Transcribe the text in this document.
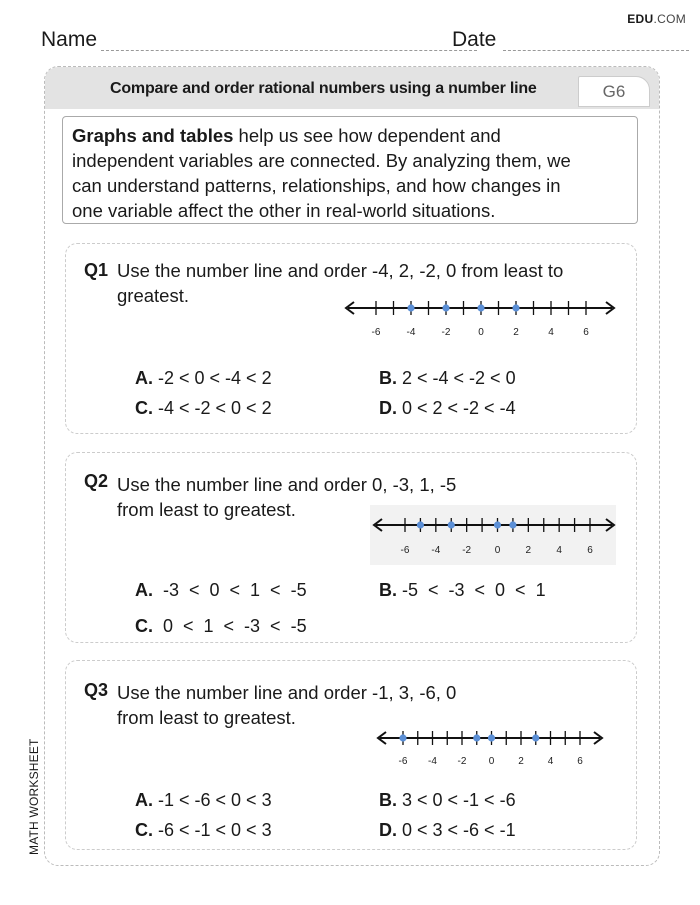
EDU.COM
Name	Date
Compare and order rational numbers using a number line	G6
Graphs and tables help us see how dependent and
independent variables are connected. By analyzing them, we
can understand patterns, relationships, and how changes in
one variable affect the other in real-world situations.
Q1 Use the number line and order -4, 2, -2, 0 from least to
greatest.
-6	-4	-2	0	2	4	6
A. -2 < 0 < -4 < 2	B. 2 < -4 < -2 < 0
C. -4 < -2 < 0 < 2	D. 0 < 2 < -2 < -4
Q2 Use the number line and order 0, -3, 1, -5
from least to greatest.
-6 -4 -2 0	2	4	6
A.  -3  <  0  <  1  <  -5	B. -5  <  -3  <  0  <  1
C.  0  <  1  <  -3  <  -5
Q3 Use the number line and order -1, 3, -6, 0
from least to greatest.
-6 -4 -2 0 2 4 6
A. -1 < -6 < 0 < 3	B. 3 < 0 < -1 < -6
C. -6 < -1 < 0 < 3	D. 0 < 3 < -6 < -1
MATH WORKSHEET
